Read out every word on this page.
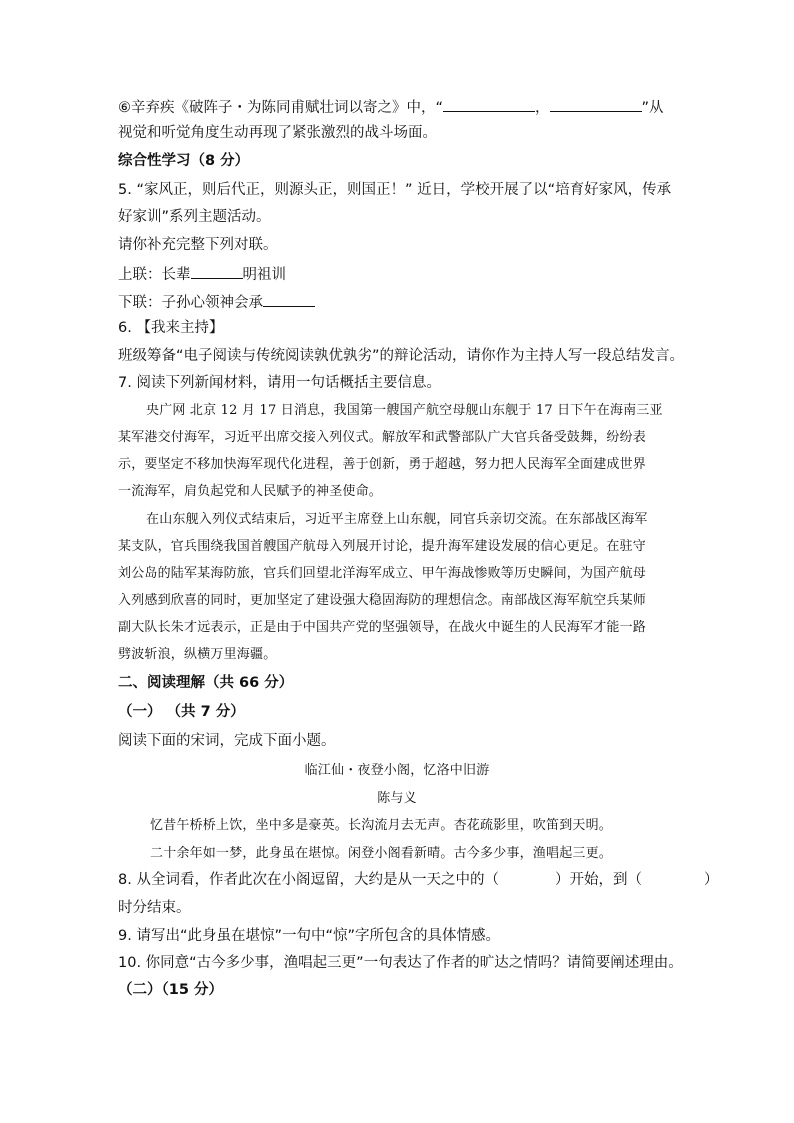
⑥辛弃疾《破阵子・为陈同甫赋壮词以寄之》中，“	，	”从
视觉和听觉角度生动再现了紧张激烈的战斗场面。
综合性学习（8 分）
5. “家风正，则后代正，则源头正，则国正！” 近日，学校开展了以“培育好家风，传承
好家训”系列主题活动。
请你补充完整下列对联。
上联：长辈	明祖训
下联：子孙心领神会承
6. 【我来主持】
班级筹备“电子阅读与传统阅读孰优孰劣”的辩论活动，请你作为主持人写一段总结发言。
7. 阅读下列新闻材料，请用一句话概括主要信息。
央广网 北京 12 月 17 日消息，我国第一艘国产航空母舰山东舰于 17 日下午在海南三亚
某军港交付海军，习近平出席交接入列仪式。解放军和武警部队广大官兵备受鼓舞，纷纷表
示，要坚定不移加快海军现代化进程，善于创新，勇于超越，努力把人民海军全面建成世界
一流海军，肩负起党和人民赋予的神圣使命。
在山东舰入列仪式结束后，习近平主席登上山东舰，同官兵亲切交流。在东部战区海军
某支队，官兵围绕我国首艘国产航母入列展开讨论，提升海军建设发展的信心更足。在驻守
刘公岛的陆军某海防旅，官兵们回望北洋海军成立、甲午海战惨败等历史瞬间，为国产航母
入列感到欣喜的同时，更加坚定了建设强大稳固海防的理想信念。南部战区海军航空兵某师
副大队长朱才远表示，正是由于中国共产党的坚强领导，在战火中诞生的人民海军才能一路
劈波斩浪，纵横万里海疆。
二、阅读理解（共 66 分）
（一） （共 7 分）
阅读下面的宋词，完成下面小题。
临江仙・夜登小阁，忆洛中旧游
陈与义
忆昔午桥桥上饮，坐中多是豪英。长沟流月去无声。杏花疏影里，吹笛到天明。
二十余年如一梦，此身虽在堪惊。闲登小阁看新晴。古今多少事，渔唱起三更。
8. 从全词看，作者此次在小阁逗留，大约是从一天之中的（	）开始，到（	）
时分结束。
9. 请写出“此身虽在堪惊”一句中“惊”字所包含的具体情感。
10. 你同意“古今多少事，渔唱起三更”一句表达了作者的旷达之情吗？请简要阐述理由。
（二）（15 分）
